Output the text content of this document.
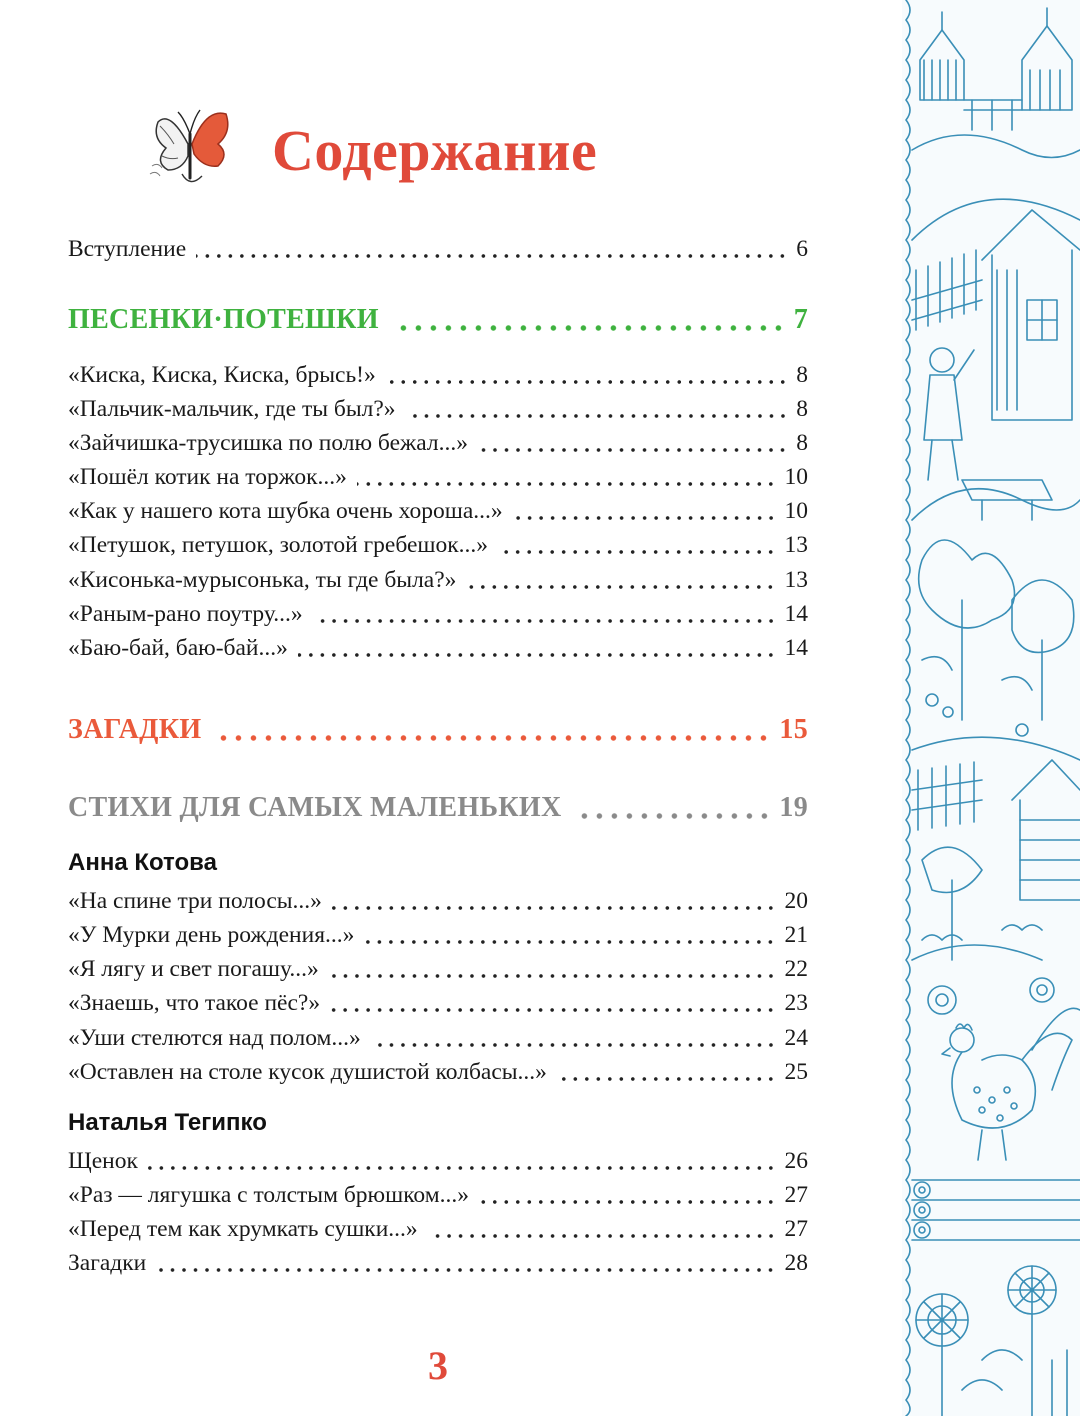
Содержание
Вступление	6
ПЕСЕНКИ·ПОТЕШКИ	7
«Киска, Киска, Киска, брысь!»	8
«Пальчик-мальчик, где ты был?»	8
«Зайчишка-трусишка по полю бежал...»	8
«Пошёл котик на торжок...»	10
«Как у нашего кота шубка очень хороша...»	10
«Петушок, петушок, золотой гребешок...»	13
«Кисонька-мурысонька, ты где была?»	13
«Раным-рано поутру...»	14
«Баю-бай, баю-бай...»	14
ЗАГАДКИ	15
СТИХИ ДЛЯ САМЫХ МАЛЕНЬКИХ	19
Анна Котова
«На спине три полосы...»	20
«У Мурки день рождения...»	21
«Я лягу и свет погашу...»	22
«Знаешь, что такое пёс?»	23
«Уши стелются над полом...»	24
«Оставлен на столе кусок душистой колбасы...»	25
Наталья Тегипко
Щенок	26
«Раз — лягушка с толстым брюшком...»	27
«Перед тем как хрумкать сушки...»	27
Загадки	28
3
